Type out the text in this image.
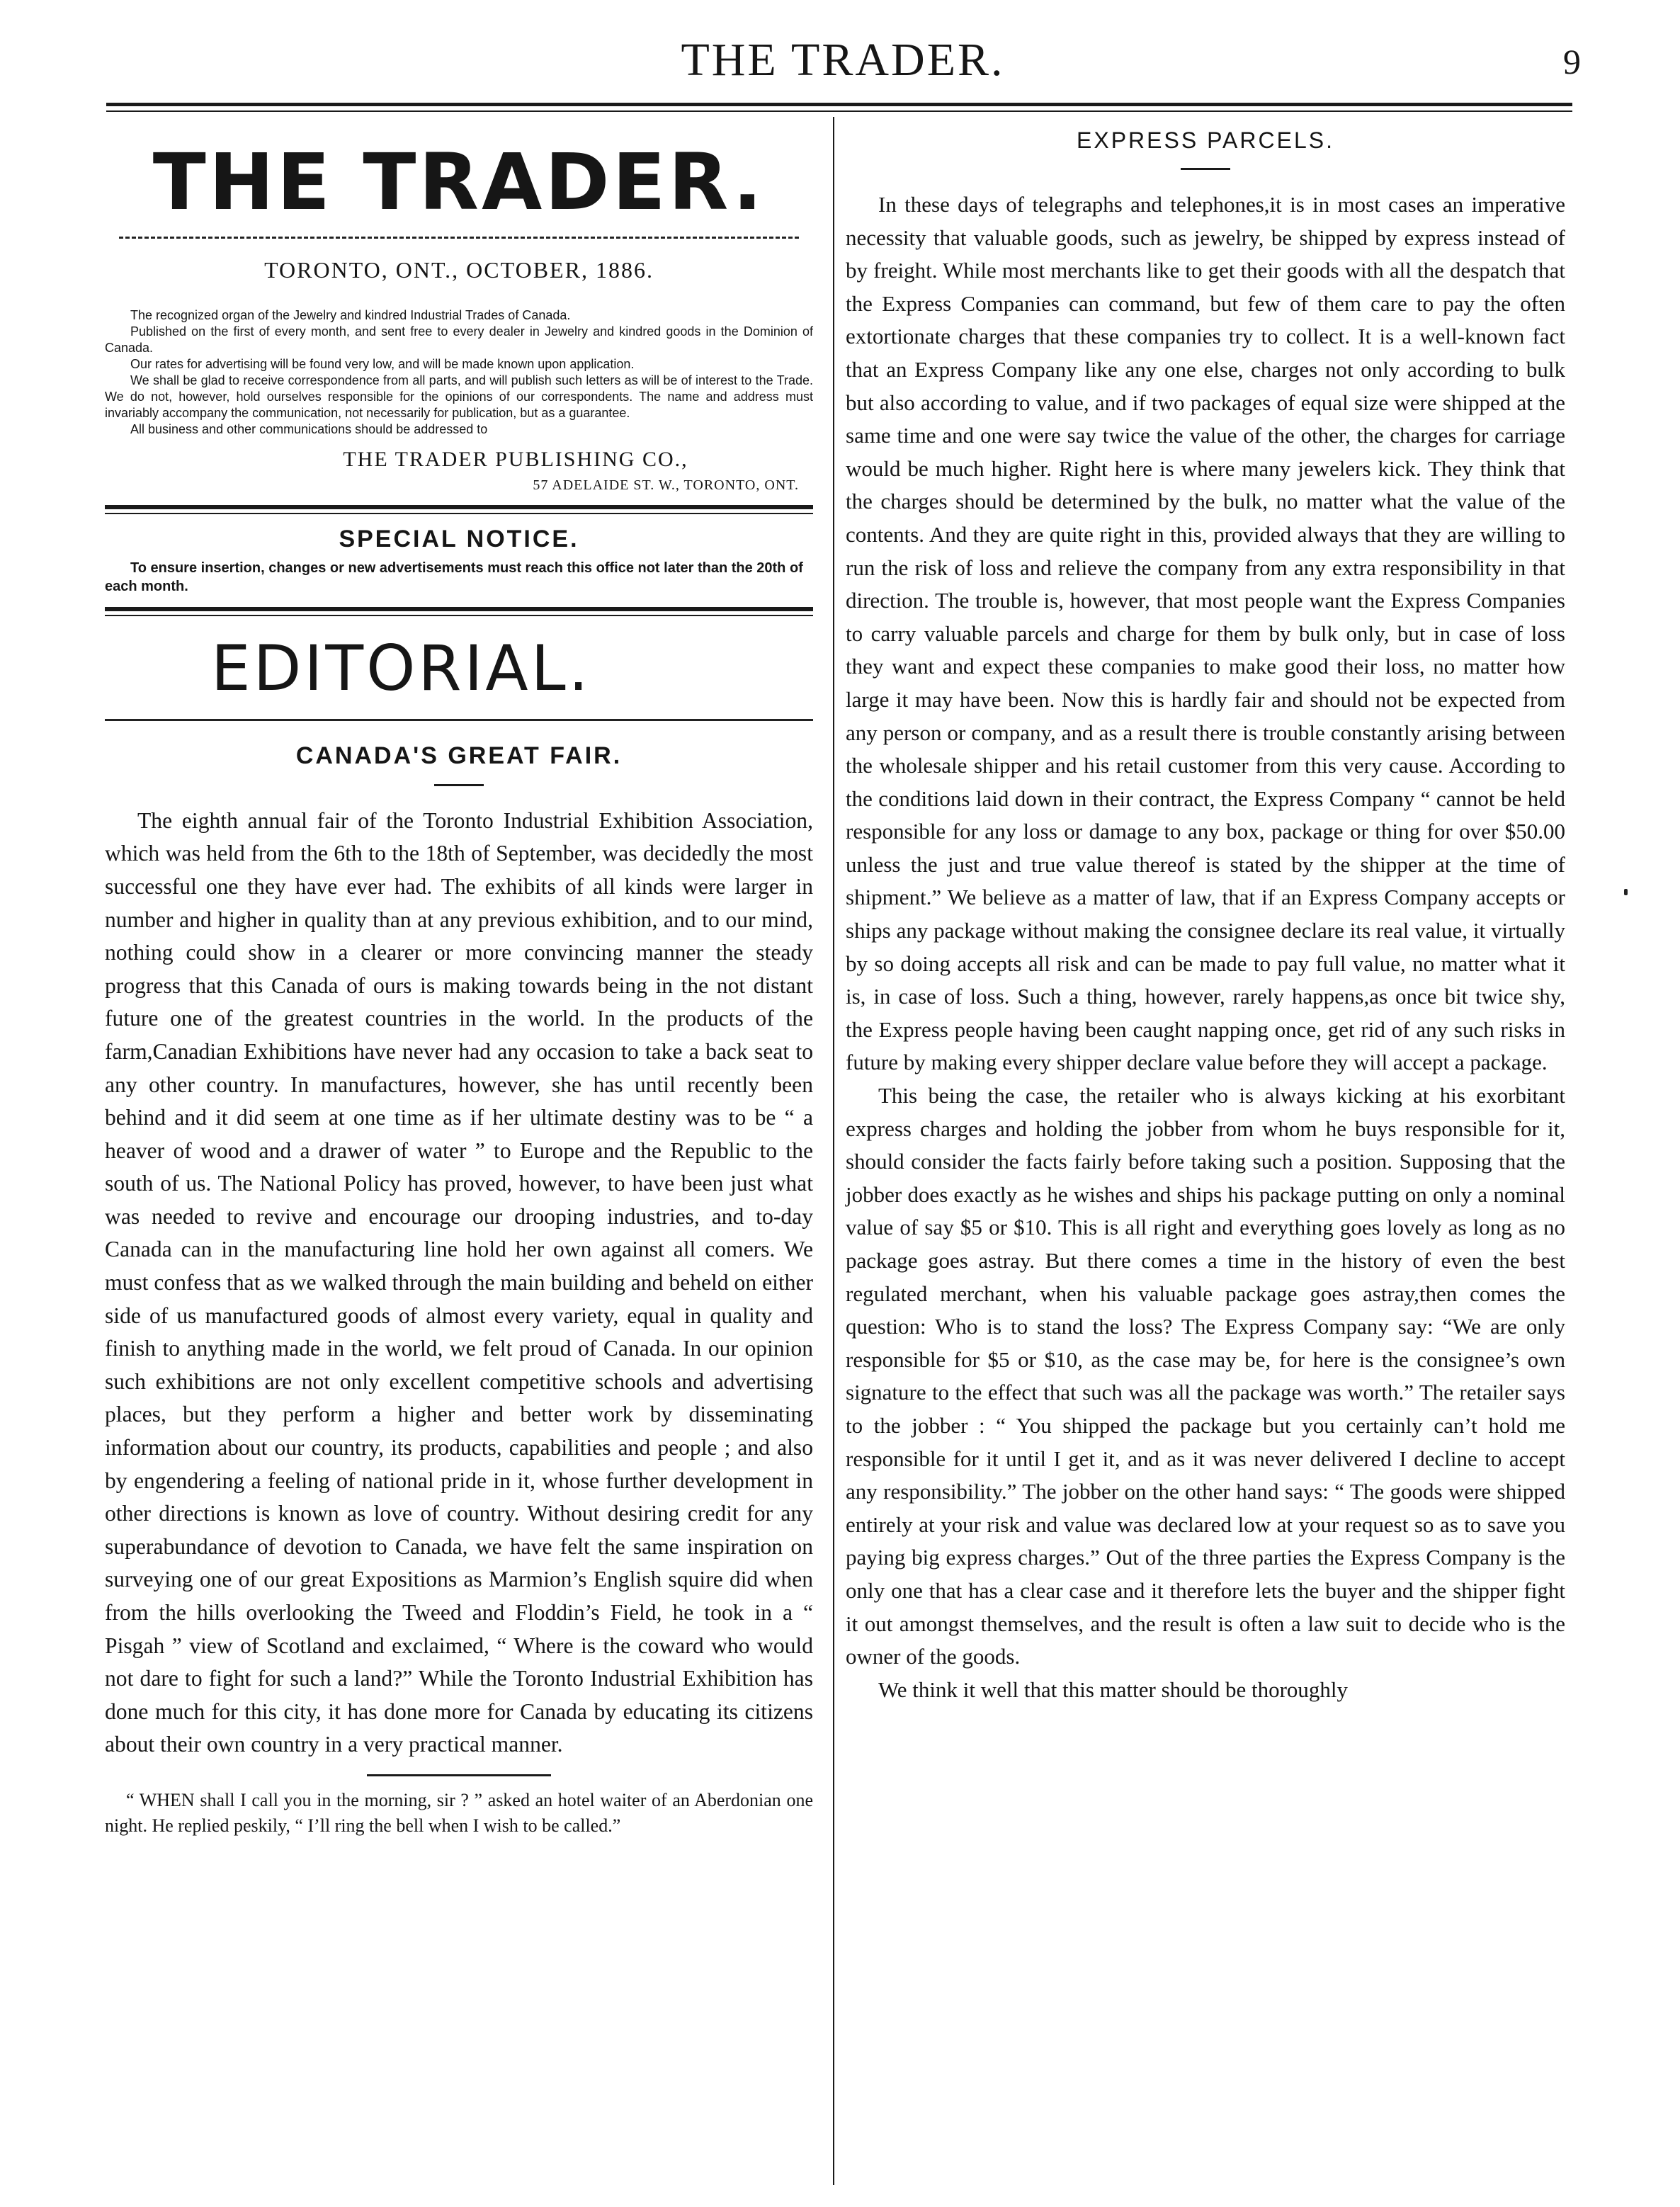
THE TRADER.	9
THE TRADER.
TORONTO, ONT., OCTOBER, 1886.

The recognized organ of the Jewelry and kindred Industrial Trades of Canada.

Published on the first of every month, and sent free to every dealer in Jewelry and kindred goods in the Dominion of Canada.

Our rates for advertising will be found very low, and will be made known upon application.

We shall be glad to receive correspondence from all parts, and will publish such letters as will be of interest to the Trade. We do not, however, hold ourselves responsible for the opinions of our correspondents. The name and address must invariably accompany the communication, not necessarily for publication, but as a guarantee.

All business and other communications should be addressed to

THE TRADER PUBLISHING CO.,
57 ADELAIDE ST. W., TORONTO, ONT.
SPECIAL NOTICE.
To ensure insertion, changes or new advertisements must reach this office not later than the 20th of each month.
EDITORIAL.
CANADA'S GREAT FAIR.

The eighth annual fair of the Toronto Industrial Exhibition Association, which was held from the 6th to the 18th of September, was decidedly the most successful one they have ever had. The exhibits of all kinds were larger in number and higher in quality than at any previous exhibition, and to our mind, nothing could show in a clearer or more convincing manner the steady progress that this Canada of ours is making towards being in the not distant future one of the greatest countries in the world. In the products of the farm,Canadian Exhibitions have never had any occasion to take a back seat to any other country. In manufactures, however, she has until recently been behind and it did seem at one time as if her ultimate destiny was to be “ a heaver of wood and a drawer of water ” to Europe and the Republic to the south of us. The National Policy has proved, however, to have been just what was needed to revive and encourage our drooping industries, and to-day Canada can in the manufacturing line hold her own against all comers. We must confess that as we walked through the main building and beheld on either side of us manufactured goods of almost every variety, equal in quality and finish to anything made in the world, we felt proud of Canada. In our opinion such exhibitions are not only excellent competitive schools and advertising places, but they perform a higher and better work by disseminating information about our country, its products, capabilities and people ; and also by engendering a feeling of national pride in it, whose further development in other directions is known as love of country. Without desiring credit for any superabundance of devotion to Canada, we have felt the same inspiration on surveying one of our great Expositions as Marmion’s English squire did when from the hills overlooking the Tweed and Floddin’s Field, he took in a “ Pisgah ” view of Scotland and exclaimed, “ Where is the coward who would not dare to fight for such a land?” While the Toronto Industrial Exhibition has done much for this city, it has done more for Canada by educating its citizens about their own country in a very practical manner.

“ WHEN shall I call you in the morning, sir ? ” asked an hotel waiter of an Aberdonian one night. He replied peskily, “ I’ll ring the bell when I wish to be called.”

EXPRESS PARCELS.

In these days of telegraphs and telephones,it is in most cases an imperative necessity that valuable goods, such as jewelry, be shipped by express instead of by freight. While most merchants like to get their goods with all the despatch that the Express Companies can command, but few of them care to pay the often extortionate charges that these companies try to collect. It is a well-known fact that an Express Company like any one else, charges not only according to bulk but also according to value, and if two packages of equal size were shipped at the same time and one were say twice the value of the other, the charges for carriage would be much higher. Right here is where many jewelers kick. They think that the charges should be determined by the bulk, no matter what the value of the contents. And they are quite right in this, provided always that they are willing to run the risk of loss and relieve the company from any extra responsibility in that direction. The trouble is, however, that most people want the Express Companies to carry valuable parcels and charge for them by bulk only, but in case of loss they want and expect these companies to make good their loss, no matter how large it may have been. Now this is hardly fair and should not be expected from any person or company, and as a result there is trouble constantly arising between the wholesale shipper and his retail customer from this very cause. According to the conditions laid down in their contract, the Express Company “ cannot be held responsible for any loss or damage to any box, package or thing for over $50.00 unless the just and true value thereof is stated by the shipper at the time of shipment.” We believe as a matter of law, that if an Express Company accepts or ships any package without making the consignee declare its real value, it virtually by so doing accepts all risk and can be made to pay full value, no matter what it is, in case of loss. Such a thing, however, rarely happens,as once bit twice shy, the Express people having been caught napping once, get rid of any such risks in future by making every shipper declare value before they will accept a package.

This being the case, the retailer who is always kicking at his exorbitant express charges and holding the jobber from whom he buys responsible for it, should consider the facts fairly before taking such a position. Supposing that the jobber does exactly as he wishes and ships his package putting on only a nominal value of say $5 or $10. This is all right and everything goes lovely as long as no package goes astray. But there comes a time in the history of even the best regulated merchant, when his valuable package goes astray,then comes the question: Who is to stand the loss? The Express Company say: “We are only responsible for $5 or $10, as the case may be, for here is the consignee’s own signature to the effect that such was all the package was worth.” The retailer says to the jobber : “ You shipped the package but you certainly can’t hold me responsible for it until I get it, and as it was never delivered I decline to accept any responsibility.” The jobber on the other hand says: “ The goods were shipped entirely at your risk and value was declared low at your request so as to save you paying big express charges.” Out of the three parties the Express Company is the only one that has a clear case and it therefore lets the buyer and the shipper fight it out amongst themselves, and the result is often a law suit to decide who is the owner of the goods.

We think it well that this matter should be thoroughly
